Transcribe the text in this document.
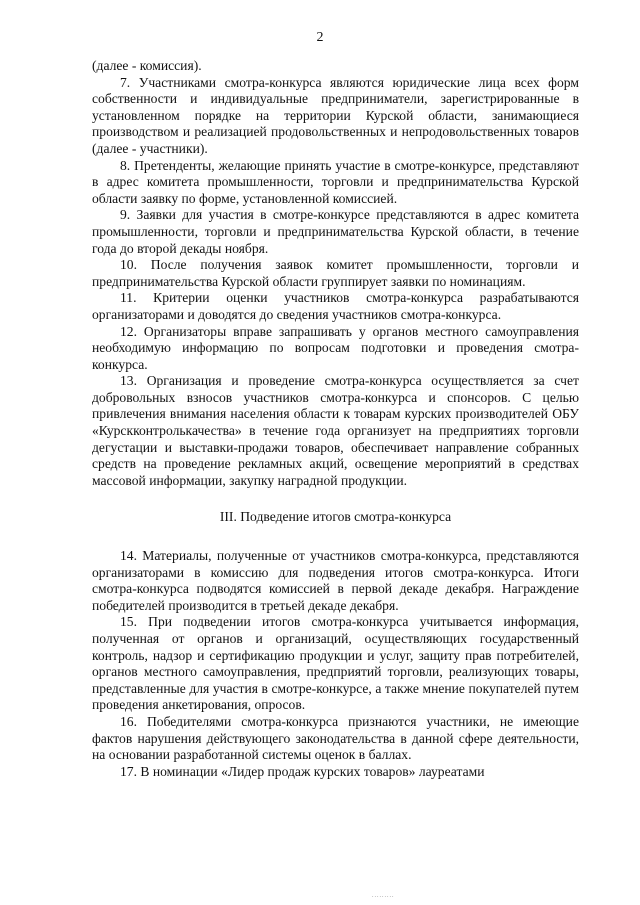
2

(далее - комиссия).

7. Участниками смотра-конкурса являются юридические лица всех форм собственности и индивидуальные предприниматели, зарегистрированные в установленном порядке на территории Курской области, занимающиеся производством и реализацией продовольственных и непродовольственных товаров (далее - участники).

8. Претенденты, желающие принять участие в смотре-конкурсе, представляют в адрес комитета промышленности, торговли и предпринимательства Курской области заявку по форме, установленной комиссией.

9. Заявки для участия в смотре-конкурсе представляются в адрес комитета промышленности, торговли и предпринимательства Курской области, в течение года до второй декады ноября.

10. После получения заявок комитет промышленности, торговли и предпринимательства Курской области группирует заявки по номинациям.

11. Критерии оценки участников смотра-конкурса разрабатываются организаторами и доводятся до сведения участников смотра-конкурса.

12. Организаторы вправе запрашивать у органов местного самоуправления необходимую информацию по вопросам подготовки и проведения смотра-конкурса.

13. Организация и проведение смотра-конкурса осуществляется за счет добровольных взносов участников смотра-конкурса и спонсоров. С целью привлечения внимания населения области к товарам курских производителей ОБУ «Курскконтролькачества» в течение года организует на предприятиях торговли дегустации и выставки-продажи товаров, обеспечивает направление собранных средств на проведение рекламных акций, освещение мероприятий в средствах массовой информации, закупку наградной продукции.

III. Подведение итогов смотра-конкурса

14. Материалы, полученные от участников смотра-конкурса, представляются организаторами в комиссию для подведения итогов смотра-конкурса. Итоги смотра-конкурса подводятся комиссией в первой декаде декабря. Награждение победителей производится в третьей декаде декабря.

15. При подведении итогов смотра-конкурса учитывается информация, полученная от органов и организаций, осуществляющих государственный контроль, надзор и сертификацию продукции и услуг, защиту прав потребителей, органов местного самоуправления, предприятий торговли, реализующих товары, представленные для участия в смотре-конкурсе, а также мнение покупателей путем проведения анкетирования, опросов.

16. Победителями смотра-конкурса признаются участники, не имеющие фактов нарушения действующего законодательства в данной сфере деятельности, на основании разработанной системы оценок в баллах.

17. В номинации «Лидер продаж курских товаров» лауреатами

.........
